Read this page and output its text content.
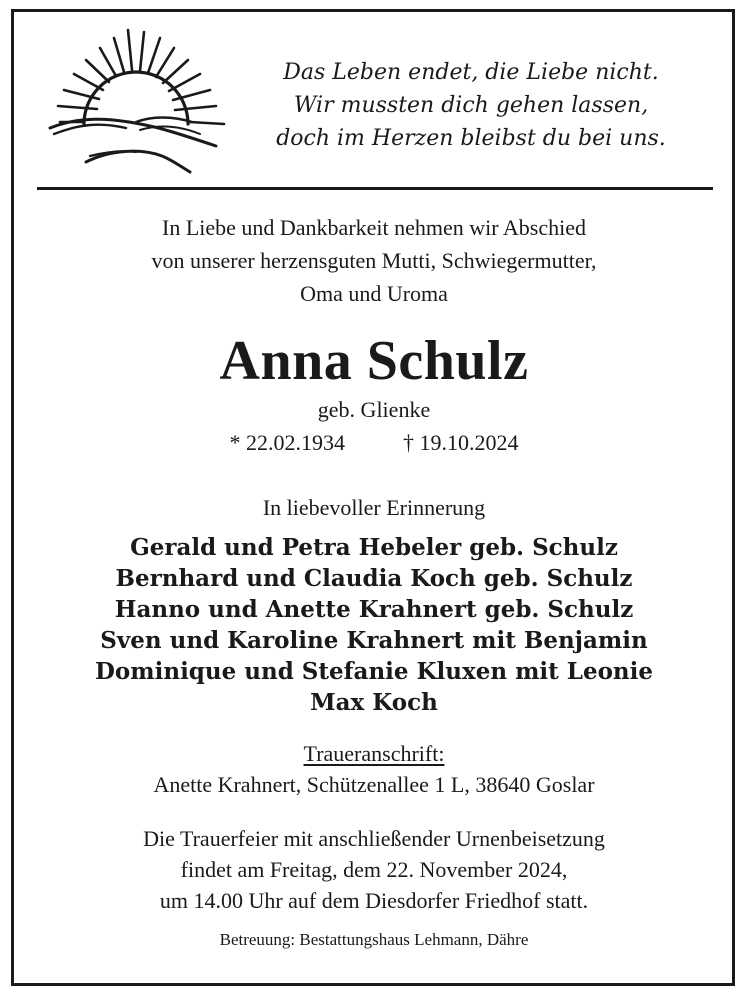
Das Leben endet, die Liebe nicht.
Wir mussten dich gehen lassen,
doch im Herzen bleibst du bei uns.
In Liebe und Dankbarkeit nehmen wir Abschied
von unserer herzensguten Mutti, Schwiegermutter,
Oma und Uroma
Anna Schulz
geb. Glienke
* 22.02.1934	† 19.10.2024
In liebevoller Erinnerung
Gerald und Petra Hebeler geb. Schulz
Bernhard und Claudia Koch geb. Schulz
Hanno und Anette Krahnert geb. Schulz
Sven und Karoline Krahnert mit Benjamin
Dominique und Stefanie Kluxen mit Leonie
Max Koch
Traueranschrift:
Anette Krahnert, Schützenallee 1 L, 38640 Goslar
Die Trauerfeier mit anschließender Urnenbeisetzung
findet am Freitag, dem 22. November 2024,
um 14.00 Uhr auf dem Diesdorfer Friedhof statt.
Betreuung: Bestattungshaus Lehmann, Dähre
